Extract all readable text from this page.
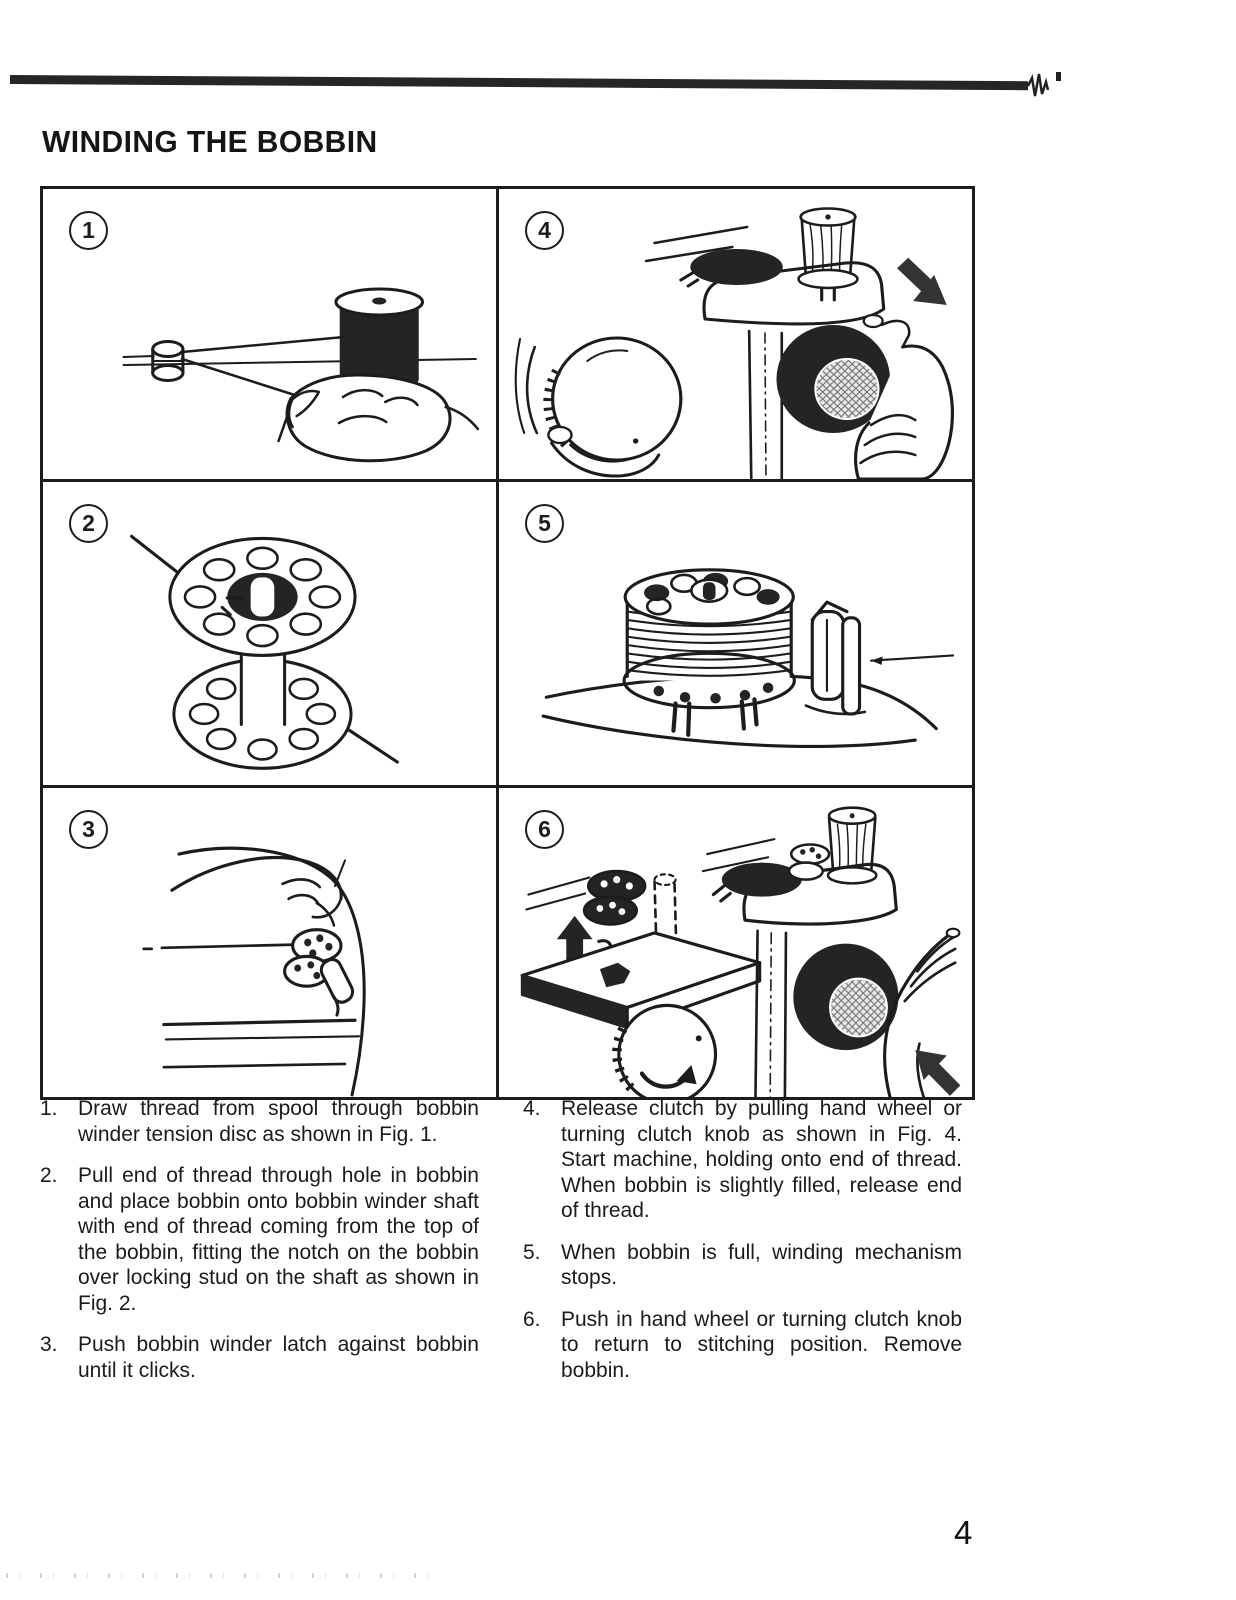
WINDING THE BOBBIN
1	4
2	5
3	6
1. Draw thread from spool through bobbin winder tension disc as shown in Fig. 1.
2. Pull end of thread through hole in bobbin and place bobbin onto bobbin winder shaft with end of thread coming from the top of the bobbin, fitting the notch on the bobbin over locking stud on the shaft as shown in Fig. 2.
3. Push bobbin winder latch against bobbin until it clicks.
4. Release clutch by pulling hand wheel or turning clutch knob as shown in Fig. 4. Start machine, holding onto end of thread. When bobbin is slightly filled, release end of thread.
5. When bobbin is full, winding mechanism stops.
6. Push in hand wheel or turning clutch knob to return to stitching position. Remove bobbin.
4
